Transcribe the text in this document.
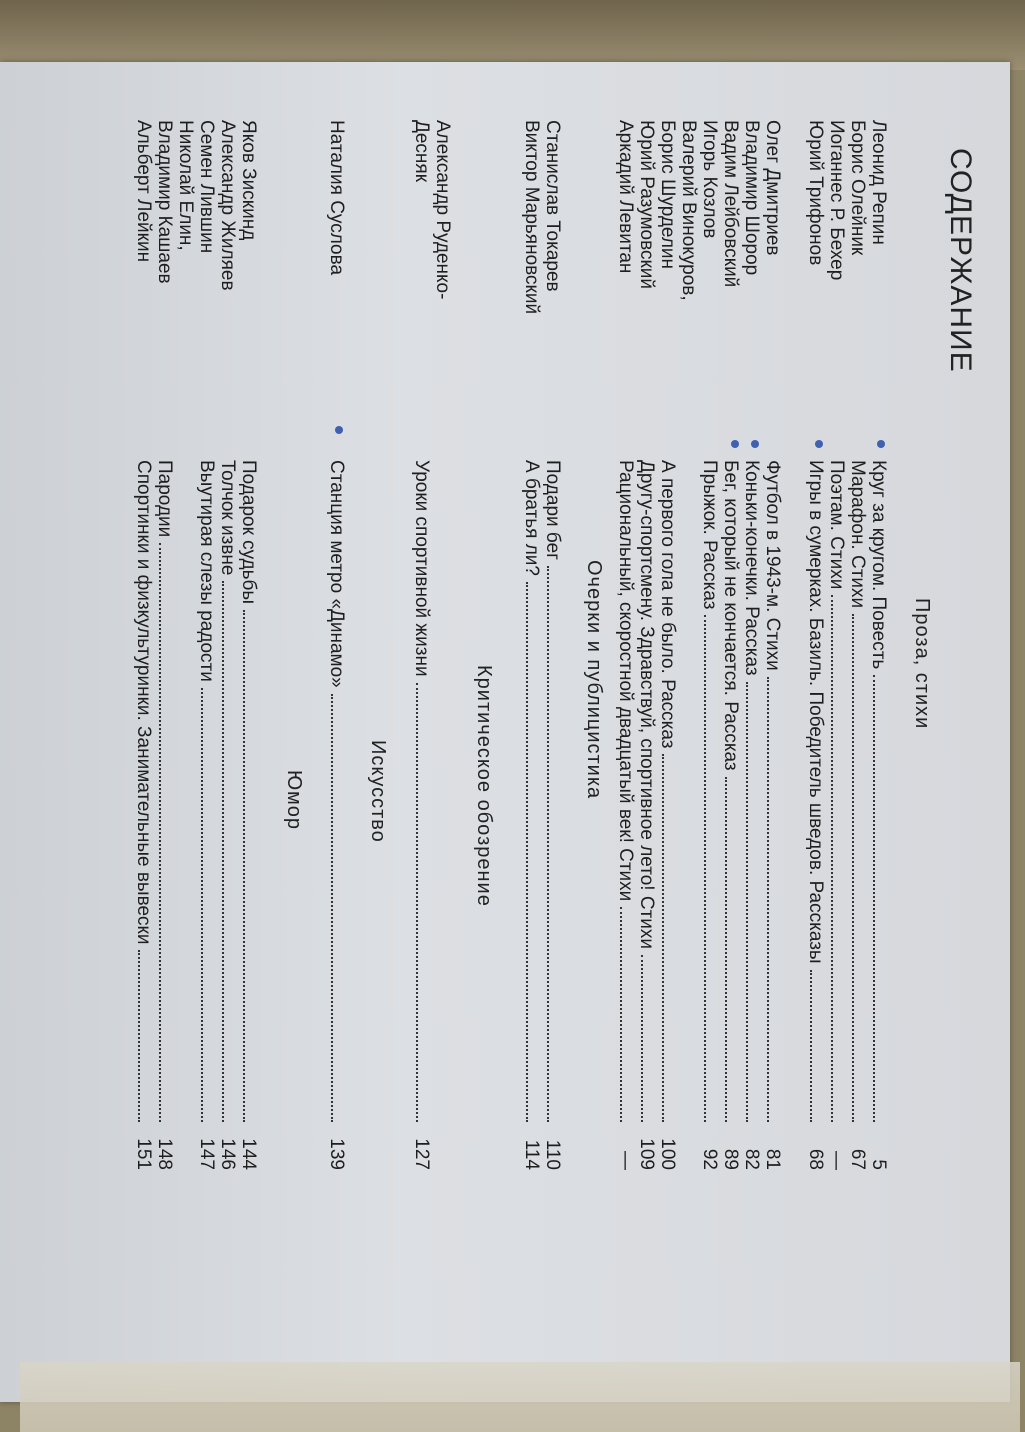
СОДЕРЖАНИЕ
Проза, стихи
Леонид Репин
Круг за кругом. Повесть
5
Борис Олейник
Марафон. Стихи
67
Иоганнес Р. Бехер
Поэтам. Стихи
—
Юрий Трифонов
Игры в сумерках. Базиль. Победитель шведов. Рассказы
68
Олег Дмитриев
Футбол в 1943-м. Стихи
81
Владимир Шорор
Коньки-конечки. Рассказ
82
Вадим Лейбовский
Бег, который не кончается. Рассказ
89
Игорь Козлов
Прыжок. Рассказ
92
Валерий Винокуров,
Борис Шурделин
А первого гола не было. Рассказ
100
Юрий Разумовский
Другу-спортсмену. Здравствуй, спортивное лето! Стихи
109
Аркадий Левитан
Рациональный, скоростной двадцатый век! Стихи
—
Очерки и публицистика
Станислав Токарев
Подари бег
110
Виктор Марьяновский
А братья ли?
114
Критическое обозрение
Александр Руденко-
Десняк
Уроки спортивной жизни
127
Искусство
Наталия Суслова
Станция метро «Динамо»
139
Юмор
Яков Зискинд
Подарок судьбы
144
Александр Жиляев
Толчок извне
146
Семен Лившин
Выутирая слезы радости
147
Николай Елин,
Владимир Кашаев
Пародии
148
Альберт Лейкин
Спортинки и физкультуринки. Занимательные вывески
151
